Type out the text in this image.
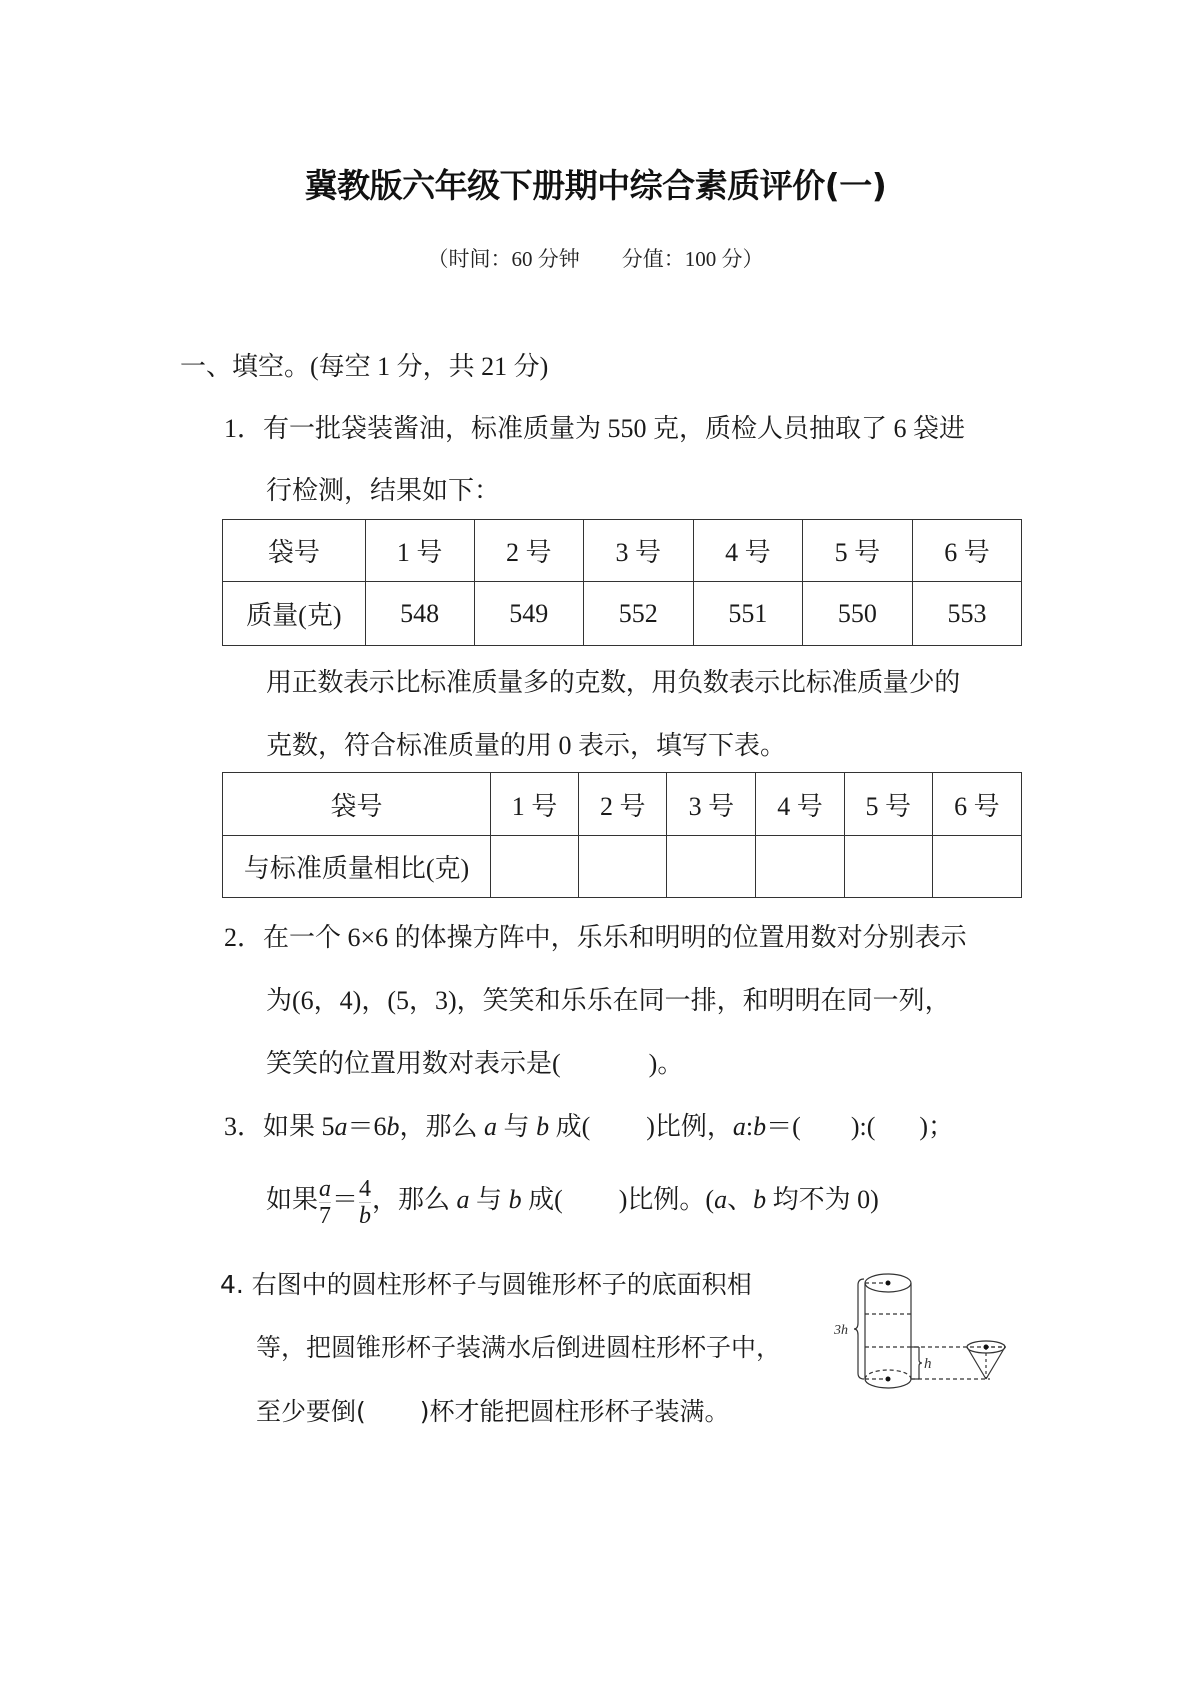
冀教版六年级下册期中综合素质评价(一)
（时间：60 分钟　　分值：100 分）
一、填空。(每空 1 分，共 21 分)
1．有一批袋装酱油，标准质量为 550 克，质检人员抽取了 6 袋进
行检测，结果如下：
袋号	1 号	2 号	3 号	4 号	5 号	6 号
质量(克)	548	549	552	551	550	553
用正数表示比标准质量多的克数，用负数表示比标准质量少的
克数，符合标准质量的用 0 表示，填写下表。
袋号	1 号	2 号	3 号	4 号	5 号	6 号
与标准质量相比(克)						
2．在一个 6×6 的体操方阵中，乐乐和明明的位置用数对分别表示
为(6，4)，(5，3)，笑笑和乐乐在同一排，和明明在同一列，
笑笑的位置用数对表示是(	)。
3．如果 5a＝6b，那么 a 与 b 成( )比例，a:b＝( ):( )；
如果 $\frac{a}{7} = \frac{4}{b}$ ，那么 a 与 b 成( )比例。(a、b 均不为 0)
4. 右图中的圆柱形杯子与圆锥形杯子的底面积相
等，把圆锥形杯子装满水后倒进圆柱形杯子中，
至少要倒( )杯才能把圆柱形杯子装满。
3h
h
